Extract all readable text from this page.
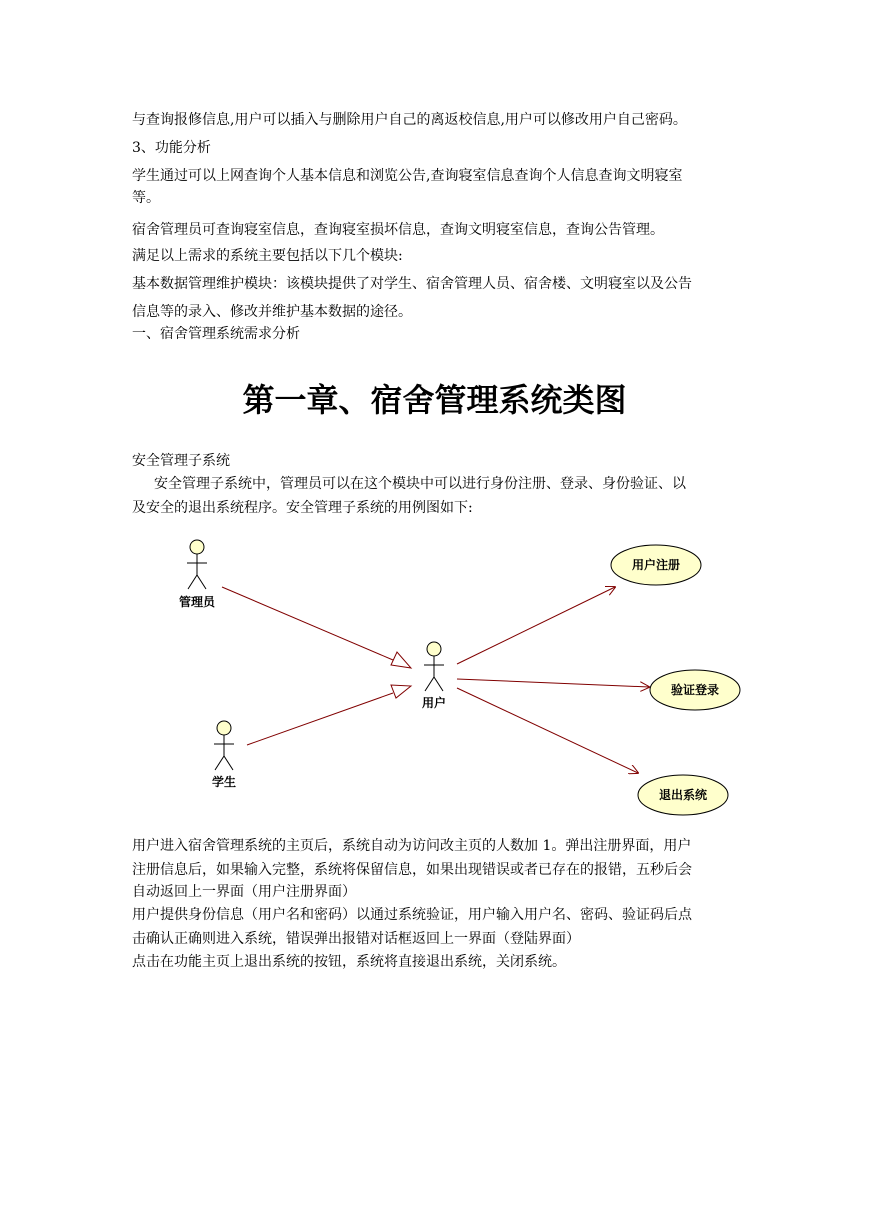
与查询报修信息,用户可以插入与删除用户自己的离返校信息,用户可以修改用户自己密码。
3、功能分析
学生通过可以上网查询个人基本信息和浏览公告,查询寝室信息查询个人信息查询文明寝室
等。
宿舍管理员可查询寝室信息，查询寝室损坏信息，查询文明寝室信息，查询公告管理。
满足以上需求的系统主要包括以下几个模块:
基本数据管理维护模块：该模块提供了对学生、宿舍管理人员、宿舍楼、文明寝室以及公告
信息等的录入、修改并维护基本数据的途径。
一、宿舍管理系统需求分析
第一章、宿舍管理系统类图
安全管理子系统
安全管理子系统中，管理员可以在这个模块中可以进行身份注册、登录、身份验证、以
及安全的退出系统程序。安全管理子系统的用例图如下:
管理员
学生
用户
用户注册
验证登录
退出系统
用户进入宿舍管理系统的主页后，系统自动为访问改主页的人数加 1。弹出注册界面，用户
注册信息后，如果输入完整，系统将保留信息，如果出现错误或者已存在的报错，五秒后会
自动返回上一界面（用户注册界面）
用户提供身份信息（用户名和密码）以通过系统验证，用户输入用户名、密码、验证码后点
击确认正确则进入系统，错误弹出报错对话框返回上一界面（登陆界面）
点击在功能主页上退出系统的按钮，系统将直接退出系统，关闭系统。
